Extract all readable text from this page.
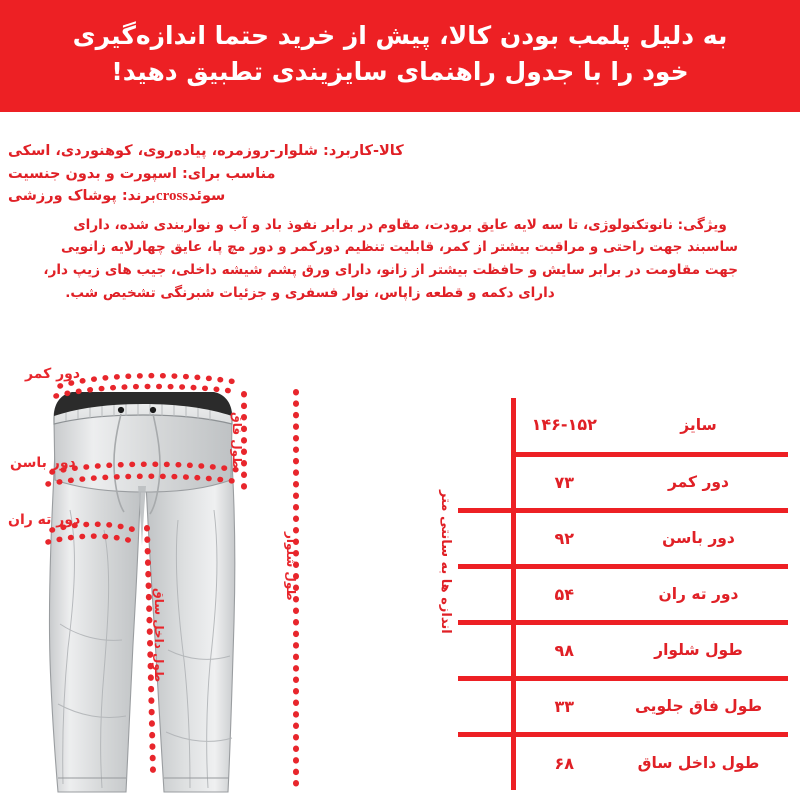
به دلیل پلمب بودن کالا، پیش از خرید حتما اندازه‌گیری
خود را با جدول راهنمای سایزیندی تطبیق دهید!
کالا-کاربرد: شلوار-روزمره، پیاده‌روی، کوهنوردی، اسکی
مناسب برای: اسپورت و بدون جنسیت
سوئدcrossبرند: پوشاک ورزشی
ویژگی: نانوتکنولوژی، تا سه لایه عایق برودت، مقاوم در برابر نفوذ باد و آب و نواربندی شده، دارای
ساسبند جهت راحتی و مراقبت بیشتر از کمر، قابلیت تنظیم دورکمر و دور مچ پا، عایق چهارلایه زانویی
جهت مقاومت در برابر سایش و حافظت بیشتر از زانو، دارای ورق پشم شیشه داخلی، جیب های زیپ دار،
دارای دکمه و قطعه زاپاس، نوار فسفری و جزئیات شبرنگی تشخیص شب.
دور کمر
دور باسن
دور ته ران
طول فاق
طول شلوار
طول داخل ساق
اندازه ها به سانتی متر
سایز	۱۴۶-۱۵۲	
دور کمر	۷۳	
دور باسن	۹۲	
دور ته ران	۵۴	
طول شلوار	۹۸	
طول فاق جلویی	۳۳	
طول داخل ساق	۶۸	
